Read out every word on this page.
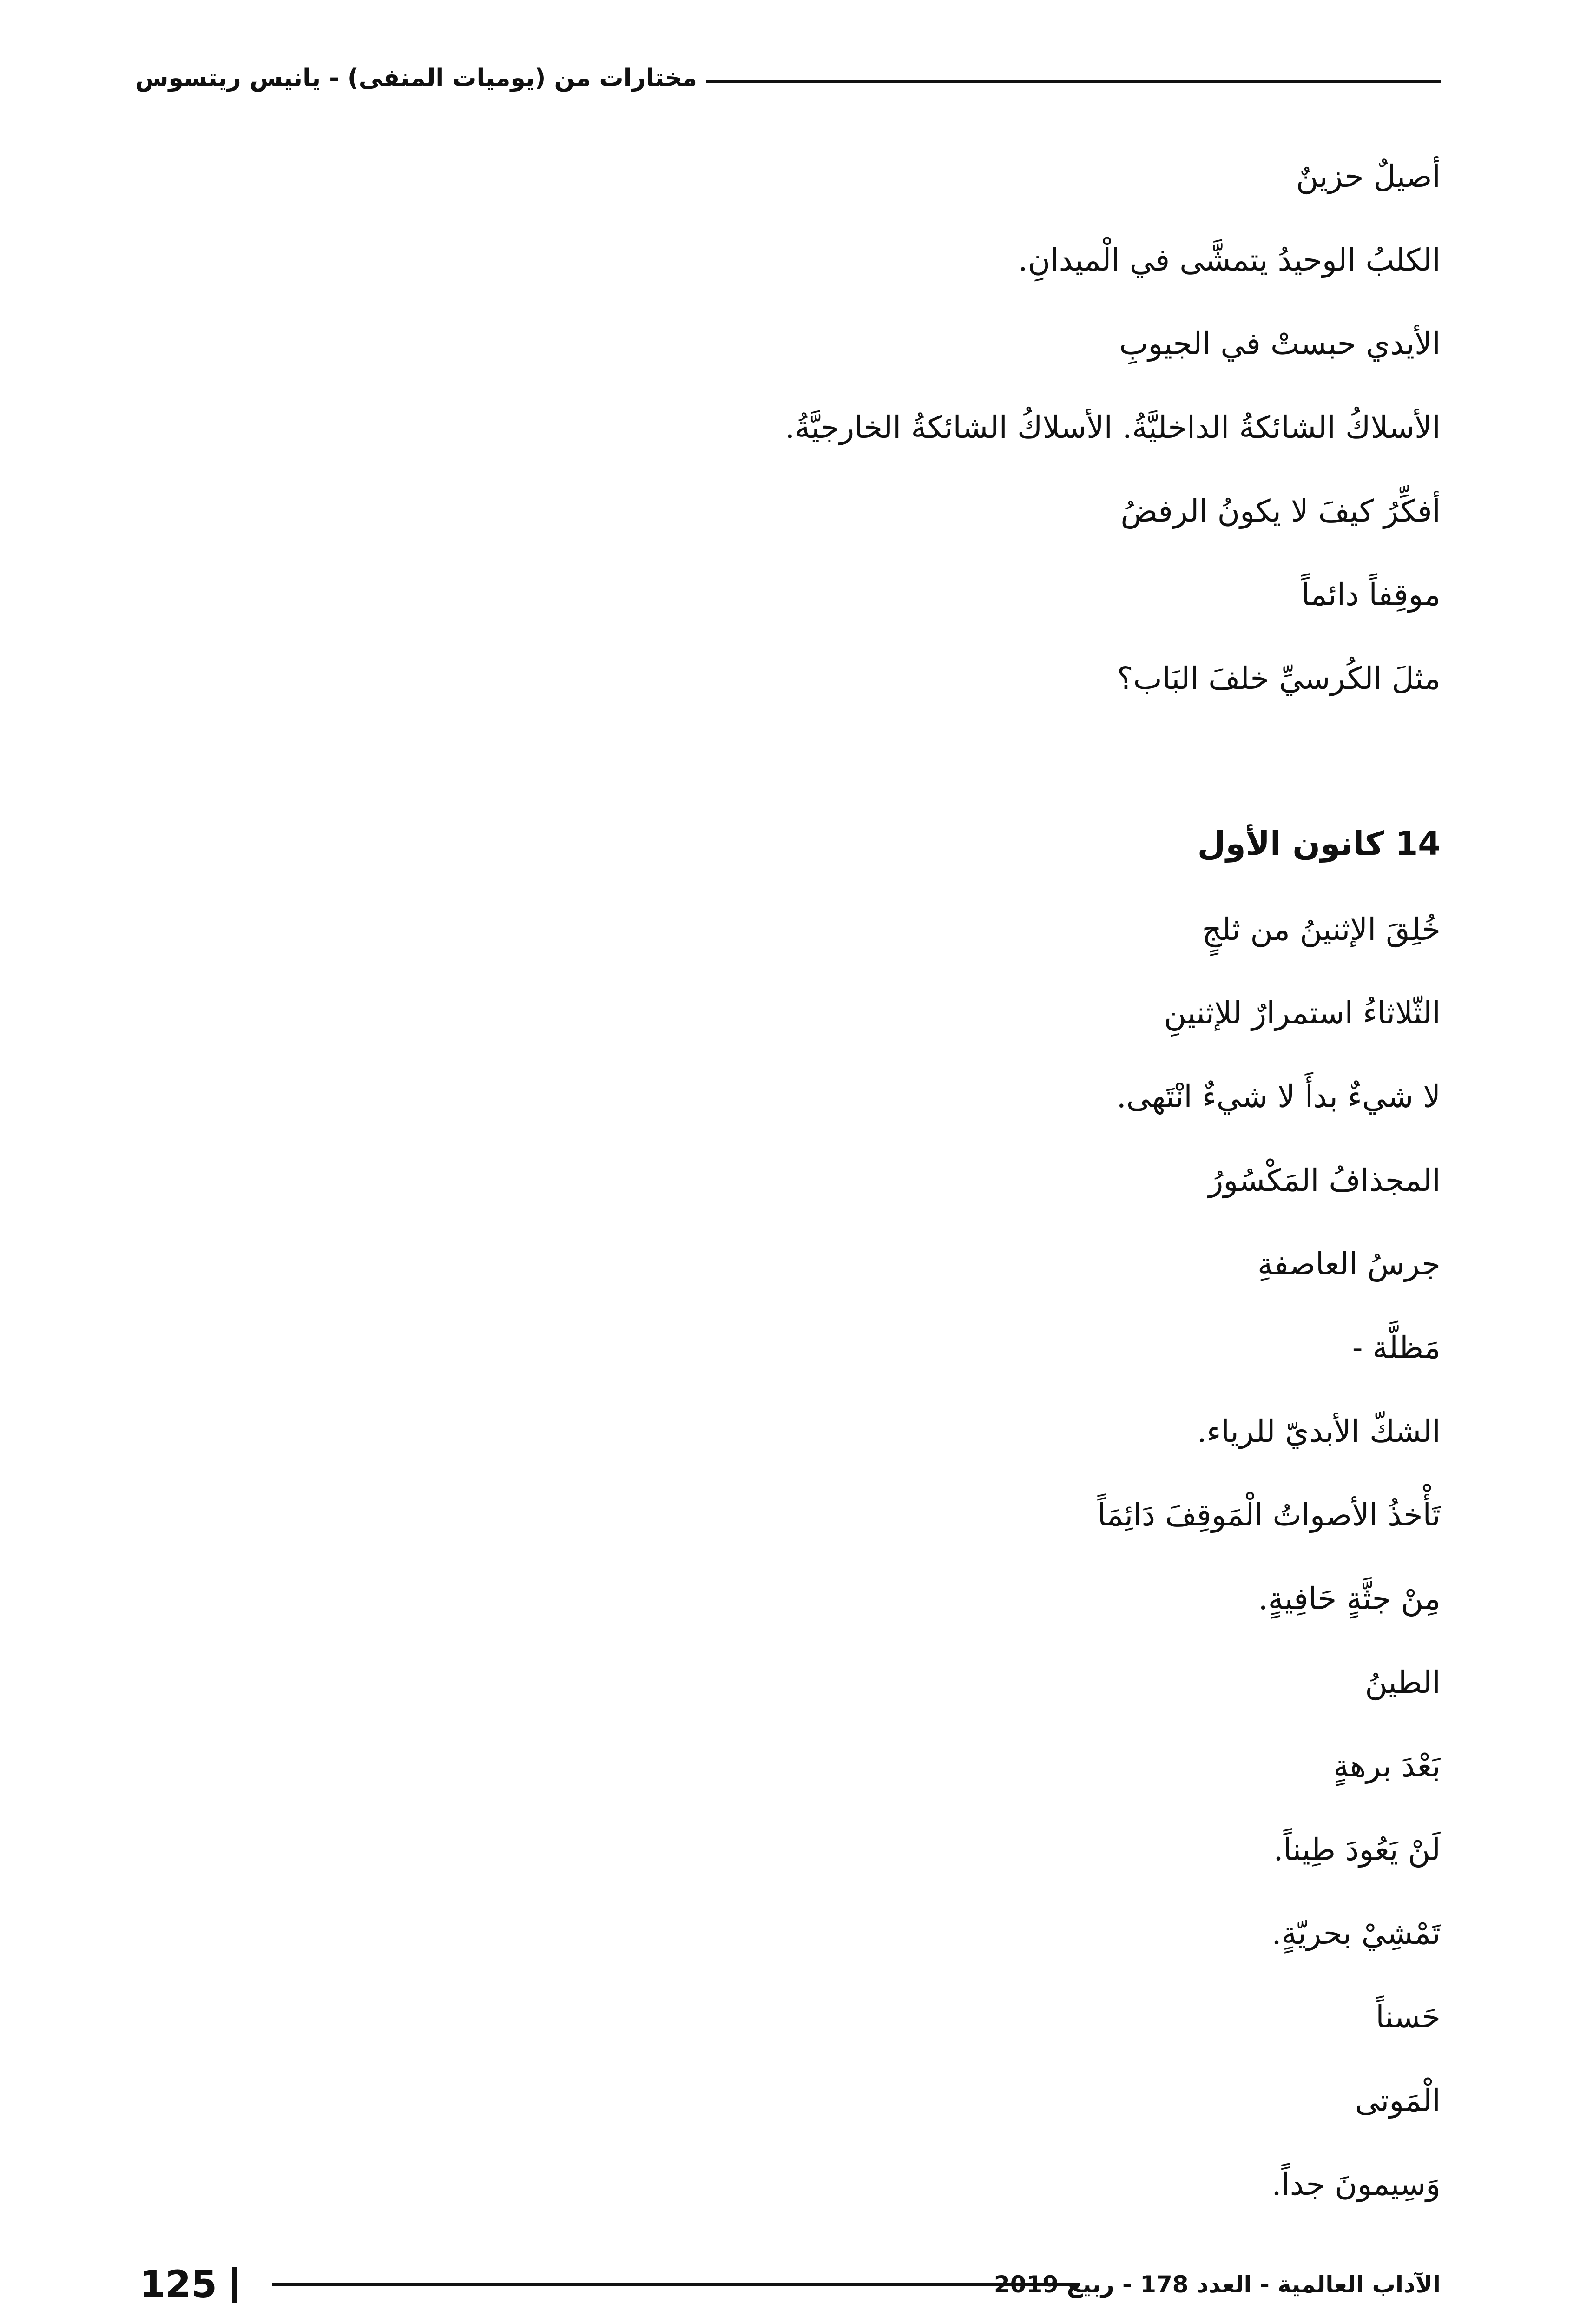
مختارات من (يوميات المنفى) - يانيس ريتسوس
أصيلٌ حزينٌ
الكلبُ الوحيدُ يتمشَّى في الْميدانِ.
الأيدي حبستْ في الجيوبِ
الأسلاكُ الشائكةُ الداخليَّةُ. الأسلاكُ الشائكةُ الخارجيَّةُ.
أفكِّرُ كيفَ لا يكونُ الرفضُ
موقِفاً دائماً
مثلَ الكُرسيِّ خلفَ البَاب؟
14 كانون الأول
خُلِقَ الإثنينُ من ثلجٍ
الثّلاثاءُ استمرارٌ للإثنينِ
لا شيءٌ بدأَ لا شيءٌ انْتَهى.
المجذافُ المَكْسُورُ
جرسُ العاصفةِ
مَظلَّة -
الشكّ الأبديّ للرياء.
تَأْخذُ الأصواتُ الْمَوقِفَ دَائِمَاً
مِنْ جثَّةٍ حَافِيةٍ.
الطينُ
بَعْدَ برهةٍ
لَنْ يَعُودَ طِيناً.
تَمْشِيْ بحريّةٍ.
حَسناً
الْمَوتى
وَسِيمونَ جداً.
125	الآداب العالمية - العدد 178 - ربيع 2019
